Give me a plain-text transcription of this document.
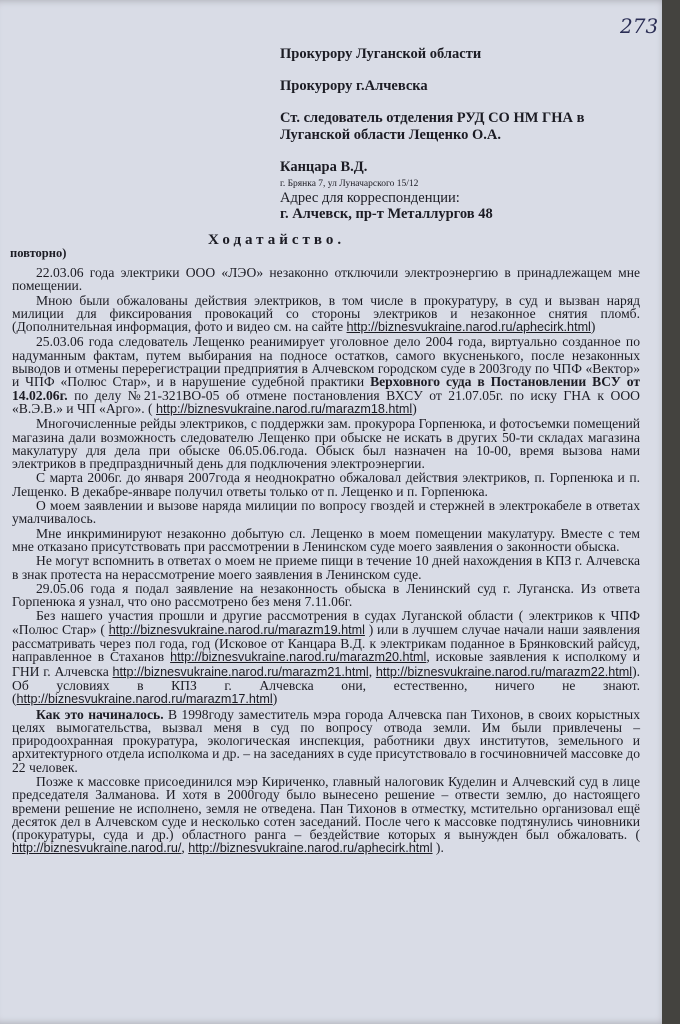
273
Прокурору Луганской области
Прокурору г.Алчевска
Ст. следователь отделения РУД СО НМ ГНА в Луганской области Лещенко О.А.
Канцара В.Д.
г. Брянка 7, ул Луначарского 15/12
Адрес для корреспонденции:
г. Алчевск, пр-т Металлургов 48
Ходатайство.
повторно)

22.03.06 года электрики ООО «ЛЭО» незаконно отключили электроэнергию в принадлежащем мне помещении.

Мною были обжалованы действия электриков, в том числе в прокуратуру, в суд и вызван наряд милиции для фиксирования провокаций со стороны электриков и незаконное снятия пломб. (Дополнительная информация, фото и видео см. на сайте http://biznesvukraine.narod.ru/aphecirk.html)

25.03.06 года следователь Лещенко реанимирует уголовное дело 2004 года, виртуально созданное по надуманным фактам, путем выбирания на подносе остатков, самого вкусненького, после незаконных выводов и отмены перерегистрации предприятия в Алчевском городском суде в 2003году по ЧПФ «Вектор» и ЧПФ «Полюс Стар», и в нарушение судебной практики Верховного суда в Постановлении ВСУ от 14.02.06г. по делу №21-321ВО-05 об отмене постановления ВХСУ от 21.07.05г. по иску ГНА к ООО «В.Э.В.» и ЧП «Арго». ( http://biznesvukraine.narod.ru/marazm18.html)

Многочисленные рейды электриков, с поддержки зам. прокурора Горпенюка, и фотосъемки помещений магазина дали возможность следователю Лещенко при обыске не искать в других 50-ти складах магазина макулатуру для дела при обыске 06.05.06.года. Обыск был назначен на 10-00, время вызова нами электриков в предпраздничный день для подключения электроэнергии.

С марта 2006г. до января 2007года я неоднократно обжаловал действия электриков, п. Горпенюка и п. Лещенко. В декабре-январе получил ответы только от п. Лещенко и п. Горпенюка.

О моем заявлении и вызове наряда милиции по вопросу гвоздей и стержней в электрокабеле в ответах умалчивалось.

Мне инкриминируют незаконно добытую сл. Лещенко в моем помещении макулатуру. Вместе с тем мне отказано присутствовать при рассмотрении в Ленинском суде моего заявления о законности обыска.

Не могут вспомнить в ответах о моем не приеме пищи в течение 10 дней нахождения в КПЗ г. Алчевска в знак протеста на нерассмотрение моего заявления в Ленинском суде.

29.05.06 года я подал заявление на незаконность обыска в Ленинский суд г. Луганска. Из ответа Горпенюка я узнал, что оно рассмотрено без меня 7.11.06г.

Без нашего участия прошли и другие рассмотрения в судах Луганской области ( электриков к ЧПФ «Полюс Стар» ( http://biznesvukraine.narod.ru/marazm19.html ) или в лучшем случае начали наши заявления рассматривать через пол года, год (Исковое от Канцара В.Д. к электрикам поданное в Брянковский райсуд, направленное в Стаханов http://biznesvukraine.narod.ru/marazm20.html, исковые заявления к исполкому и ГНИ г. Алчевска http://biznesvukraine.narod.ru/marazm21.html, http://biznesvukraine.narod.ru/marazm22.html). Об условиях в КПЗ г. Алчевска они, естественно, ничего не знают. (http://biznesvukraine.narod.ru/marazm17.html)

Как это начиналось. В 1998году заместитель мэра города Алчевска пан Тихонов, в своих корыстных целях вымогательства, вызвал меня в суд по вопросу отвода земли. Им были привлечены – природоохранная прокуратура, экологическая инспекция, работники двух институтов, земельного и архитектурного отдела исполкома и др. – на заседаниях в суде присутствовало в госчиновничей массовке до 22 человек.

Позже к массовке присоединился мэр Кириченко, главный налоговик Куделин и Алчевский суд в лице председателя Залманова. И хотя в 2000году было вынесено решение – отвести землю, до настоящего времени решение не исполнено, земля не отведена. Пан Тихонов в отместку, мстительно организовал ещё десяток дел в Алчевском суде и несколько сотен заседаний. После чего к массовке подтянулись чиновники (прокуратуры, суда и др.) областного ранга – бездействие которых я вынужден был обжаловать. ( http://biznesvukraine.narod.ru/, http://biznesvukraine.narod.ru/aphecirk.html ).
